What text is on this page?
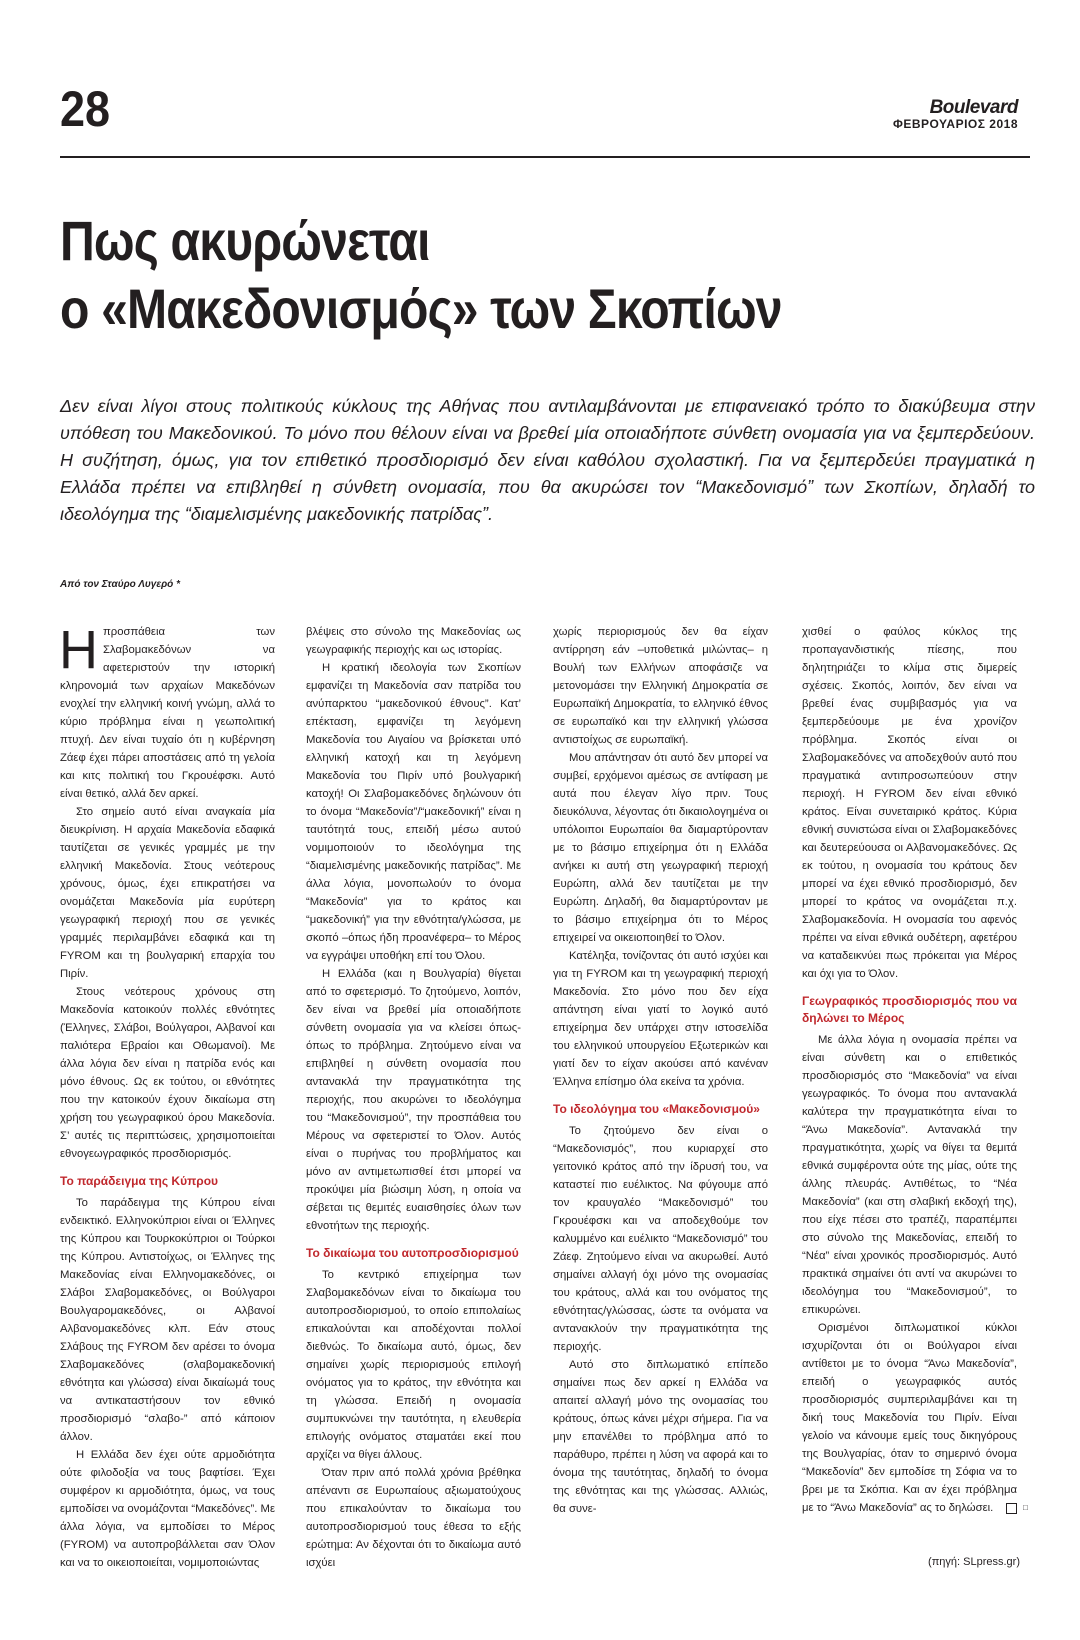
28	Boulevard
ΦΕΒΡΟΥΑΡΙΟΣ 2018
Πως ακυρώνεται
ο «Μακεδονισμός» των Σκοπίων
Δεν είναι λίγοι στους πολιτικούς κύκλους της Αθήνας που αντιλαμβάνονται με επιφανειακό τρόπο το διακύβευμα στην υπόθεση του Μακεδονικού. Το μόνο που θέλουν είναι να βρεθεί μία οποιαδήποτε σύνθετη ονομασία για να ξεμπερδεύουν. Η συζήτηση, όμως, για τον επιθετικό προσδιορισμό δεν είναι καθόλου σχολαστική. Για να ξεμπερδεύει πραγματικά η Ελλάδα πρέπει να επιβληθεί η σύνθετη ονομασία, που θα ακυρώσει τον “Μακεδονισμό” των Σκοπίων, δηλαδή το ιδεολόγημα της “διαμελισμένης μακεδονικής πατρίδας”.
Από τον Σταύρο Λυγερό *

Ηπροσπάθεια των Σλαβομακεδόνων να αφετεριστούν την ιστορική κληρονομιά των αρχαίων Μακεδόνων ενοχλεί την ελληνική κοινή γνώμη, αλλά το κύριο πρόβλημα είναι η γεωπολιτική πτυχή. Δεν είναι τυχαίο ότι η κυβέρνηση Ζάεφ έχει πάρει αποστάσεις από τη γελοία και κιτς πολιτική του Γκρουέφσκι. Αυτό είναι θετικό, αλλά δεν αρκεί.

Στο σημείο αυτό είναι αναγκαία μία διευκρίνιση. Η αρχαία Μακεδονία εδαφικά ταυτίζεται σε γενικές γραμμές με την ελληνική Μακεδονία. Στους νεότερους χρόνους, όμως, έχει επικρατήσει να ονομάζεται Μακεδονία μία ευρύτερη γεωγραφική περιοχή που σε γενικές γραμμές περιλαμβάνει εδαφικά και τη FYROM και τη βουλγαρική επαρχία του Πιρίν.

Στους νεότερους χρόνους στη Μακεδονία κατοικούν πολλές εθνότητες (Έλληνες, Σλάβοι, Βούλγαροι, Αλβανοί και παλιότερα Εβραίοι και Οθωμανοί). Με άλλα λόγια δεν είναι η πατρίδα ενός και μόνο έθνους. Ως εκ τούτου, οι εθνότητες που την κατοικούν έχουν δικαίωμα στη χρήση του γεωγραφικού όρου Μακεδονία. Σ’ αυτές τις περιπτώσεις, χρησιμοποιείται εθνογεωγραφικός προσδιορισμός.

Το παράδειγμα της Κύπρου

Το παράδειγμα της Κύπρου είναι ενδεικτικό. Ελληνοκύπριοι είναι οι Έλληνες της Κύπρου και Τουρκοκύπριοι οι Τούρκοι της Κύπρου. Αντιστοίχως, οι Έλληνες της Μακεδονίας είναι Ελληνομακεδόνες, οι Σλάβοι Σλαβομακεδόνες, οι Βούλγαροι Βουλγαρομακεδόνες, οι Αλβανοί Αλβανομακεδόνες κλπ. Εάν στους Σλάβους της FYROM δεν αρέσει το όνομα Σλαβομακεδόνες (σλαβομακεδονική εθνότητα και γλώσσα) είναι δικαίωμά τους να αντικαταστήσουν τον εθνικό προσδιορισμό “σλαβο-” από κάποιον άλλον.

Η Ελλάδα δεν έχει ούτε αρμοδιότητα ούτε φιλοδοξία να τους βαφτίσει. Έχει συμφέρον κι αρμοδιότητα, όμως, να τους εμποδίσει να ονομάζονται “Μακεδόνες”. Με άλλα λόγια, να εμποδίσει το Μέρος (FYROM) να αυτοπροβάλλεται σαν Όλον και να το οικειοποιείται, νομιμοποιώντας

βλέψεις στο σύνολο της Μακεδονίας ως γεωγραφικής περιοχής και ως ιστορίας.

Η κρατική ιδεολογία των Σκοπίων εμφανίζει τη Μακεδονία σαν πατρίδα του ανύπαρκτου “μακεδονικού έθνους”. Κατ’ επέκταση, εμφανίζει τη λεγόμενη Μακεδονία του Αιγαίου να βρίσκεται υπό ελληνική κατοχή και τη λεγόμενη Μακεδονία του Πιρίν υπό βουλγαρική κατοχή! Οι Σλαβομακεδόνες δηλώνουν ότι το όνομα “Μακεδονία”/“μακεδονική” είναι η ταυτότητά τους, επειδή μέσω αυτού νομιμοποιούν το ιδεολόγημα της “διαμελισμένης μακεδονικής πατρίδας”. Με άλλα λόγια, μονοπωλούν το όνομα “Μακεδονία” για το κράτος και “μακεδονική” για την εθνότητα/γλώσσα, με σκοπό –όπως ήδη προανέφερα– το Μέρος να εγγράψει υποθήκη επί του Όλου.

Η Ελλάδα (και η Βουλγαρία) θίγεται από το σφετερισμό. Το ζητούμενο, λοιπόν, δεν είναι να βρεθεί μία οποιαδήποτε σύνθετη ονομασία για να κλείσει όπως-όπως το πρόβλημα. Ζητούμενο είναι να επιβληθεί η σύνθετη ονομασία που αντανακλά την πραγματικότητα της περιοχής, που ακυρώνει το ιδεολόγημα του “Μακεδονισμού”, την προσπάθεια του Μέρους να σφετεριστεί το Όλον. Αυτός είναι ο πυρήνας του προβλήματος και μόνο αν αντιμετωπισθεί έτσι μπορεί να προκύψει μία βιώσιμη λύση, η οποία να σέβεται τις θεμιτές ευαισθησίες όλων των εθνοτήτων της περιοχής.

Το δικαίωμα του αυτοπροσδιορισμού

Το κεντρικό επιχείρημα των Σλαβομακεδόνων είναι το δικαίωμα του αυτοπροσδιορισμού, το οποίο επιπολαίως επικαλούνται και αποδέχονται πολλοί διεθνώς. Το δικαίωμα αυτό, όμως, δεν σημαίνει χωρίς περιορισμούς επιλογή ονόματος για το κράτος, την εθνότητα και τη γλώσσα. Επειδή η ονομασία συμπυκνώνει την ταυτότητα, η ελευθερία επιλογής ονόματος σταματάει εκεί που αρχίζει να θίγει άλλους.

Όταν πριν από πολλά χρόνια βρέθηκα απέναντι σε Ευρωπαίους αξιωματούχους που επικαλούνταν το δικαίωμα του αυτοπροσδιορισμού τους έθεσα το εξής ερώτημα: Αν δέχονται ότι το δικαίωμα αυτό ισχύει

χωρίς περιορισμούς δεν θα είχαν αντίρρηση εάν –υποθετικά μιλώντας– η Βουλή των Ελλήνων αποφάσιζε να μετονομάσει την Ελληνική Δημοκρατία σε Ευρωπαϊκή Δημοκρατία, το ελληνικό έθνος σε ευρωπαϊκό και την ελληνική γλώσσα αντιστοίχως σε ευρωπαϊκή.

Μου απάντησαν ότι αυτό δεν μπορεί να συμβεί, ερχόμενοι αμέσως σε αντίφαση με αυτά που έλεγαν λίγο πριν. Τους διευκόλυνα, λέγοντας ότι δικαιολογημένα οι υπόλοιποι Ευρωπαίοι θα διαμαρτύρονταν με το βάσιμο επιχείρημα ότι η Ελλάδα ανήκει κι αυτή στη γεωγραφική περιοχή Ευρώπη, αλλά δεν ταυτίζεται με την Ευρώπη. Δηλαδή, θα διαμαρτύρονταν με το βάσιμο επιχείρημα ότι το Μέρος επιχειρεί να οικειοποιηθεί το Όλον.

Κατέληξα, τονίζοντας ότι αυτό ισχύει και για τη FYROM και τη γεωγραφική περιοχή Μακεδονία. Στο μόνο που δεν είχα απάντηση είναι γιατί το λογικό αυτό επιχείρημα δεν υπάρχει στην ιστοσελίδα του ελληνικού υπουργείου Εξωτερικών και γιατί δεν το είχαν ακούσει από κανέναν Έλληνα επίσημο όλα εκείνα τα χρόνια.

Το ιδεολόγημα του «Μακεδονισμού»

Το ζητούμενο δεν είναι ο “Μακεδονισμός”, που κυριαρχεί στο γειτονικό κράτος από την ίδρυσή του, να καταστεί πιο ευέλικτος. Να φύγουμε από τον κραυγαλέο “Μακεδονισμό” του Γκρουέφσκι και να αποδεχθούμε τον καλυμμένο και ευέλικτο “Μακεδονισμό” του Ζάεφ. Ζητούμενο είναι να ακυρωθεί. Αυτό σημαίνει αλλαγή όχι μόνο της ονομασίας του κράτους, αλλά και του ονόματος της εθνότητας/γλώσσας, ώστε τα ονόματα να αντανακλούν την πραγματικότητα της περιοχής.

Αυτό στο διπλωματικό επίπεδο σημαίνει πως δεν αρκεί η Ελλάδα να απαιτεί αλλαγή μόνο της ονομασίας του κράτους, όπως κάνει μέχρι σήμερα. Για να μην επανέλθει το πρόβλημα από το παράθυρο, πρέπει η λύση να αφορά και το όνομα της ταυτότητας, δηλαδή το όνομα της εθνότητας και της γλώσσας. Αλλιώς, θα συνε-

χισθεί ο φαύλος κύκλος της προπαγανδιστικής πίεσης, που δηλητηριάζει το κλίμα στις διμερείς σχέσεις. Σκοπός, λοιπόν, δεν είναι να βρεθεί ένας συμβιβασμός για να ξεμπερδεύουμε με ένα χρονίζον πρόβλημα. Σκοπός είναι οι Σλαβομακεδόνες να αποδεχθούν αυτό που πραγματικά αντιπροσωπεύουν στην περιοχή. Η FYROM δεν είναι εθνικό κράτος. Είναι συνεταιρικό κράτος. Κύρια εθνική συνιστώσα είναι οι Σλαβομακεδόνες και δευτερεύουσα οι Αλβανομακεδόνες. Ως εκ τούτου, η ονομασία του κράτους δεν μπορεί να έχει εθνικό προσδιορισμό, δεν μπορεί το κράτος να ονομάζεται π.χ. Σλαβομακεδονία. Η ονομασία του αφενός πρέπει να είναι εθνικά ουδέτερη, αφετέρου να καταδεικνύει πως πρόκειται για Μέρος και όχι για το Όλον.

Γεωγραφικός προσδιορισμός που να δηλώνει το Μέρος

Με άλλα λόγια η ονομασία πρέπει να είναι σύνθετη και ο επιθετικός προσδιορισμός στο “Μακεδονία” να είναι γεωγραφικός. Το όνομα που αντανακλά καλύτερα την πραγματικότητα είναι το “Άνω Μακεδονία”. Αντανακλά την πραγματικότητα, χωρίς να θίγει τα θεμιτά εθνικά συμφέροντα ούτε της μίας, ούτε της άλλης πλευράς. Αντιθέτως, το “Νέα Μακεδονία” (και στη σλαβική εκδοχή της), που είχε πέσει στο τραπέζι, παραπέμπει στο σύνολο της Μακεδονίας, επειδή το “Νέα” είναι χρονικός προσδιορισμός. Αυτό πρακτικά σημαίνει ότι αντί να ακυρώνει το ιδεολόγημα του “Μακεδονισμού”, το επικυρώνει.

Ορισμένοι διπλωματικοί κύκλοι ισχυρίζονται ότι οι Βούλγαροι είναι αντίθετοι με το όνομα “Άνω Μακεδονία”, επειδή ο γεωγραφικός αυτός προσδιορισμός συμπεριλαμβάνει και τη δική τους Μακεδονία του Πιρίν. Είναι γελοίο να κάνουμε εμείς τους δικηγόρους της Βουλγαρίας, όταν το σημερινό όνομα “Μακεδονία” δεν εμποδίσε τη Σόφια να το βρει με τα Σκόπια. Και αν έχει πρόβλημα με το “Άνω Μακεδονία” ας το δηλώσει.	□

(πηγή: SLpress.gr)
